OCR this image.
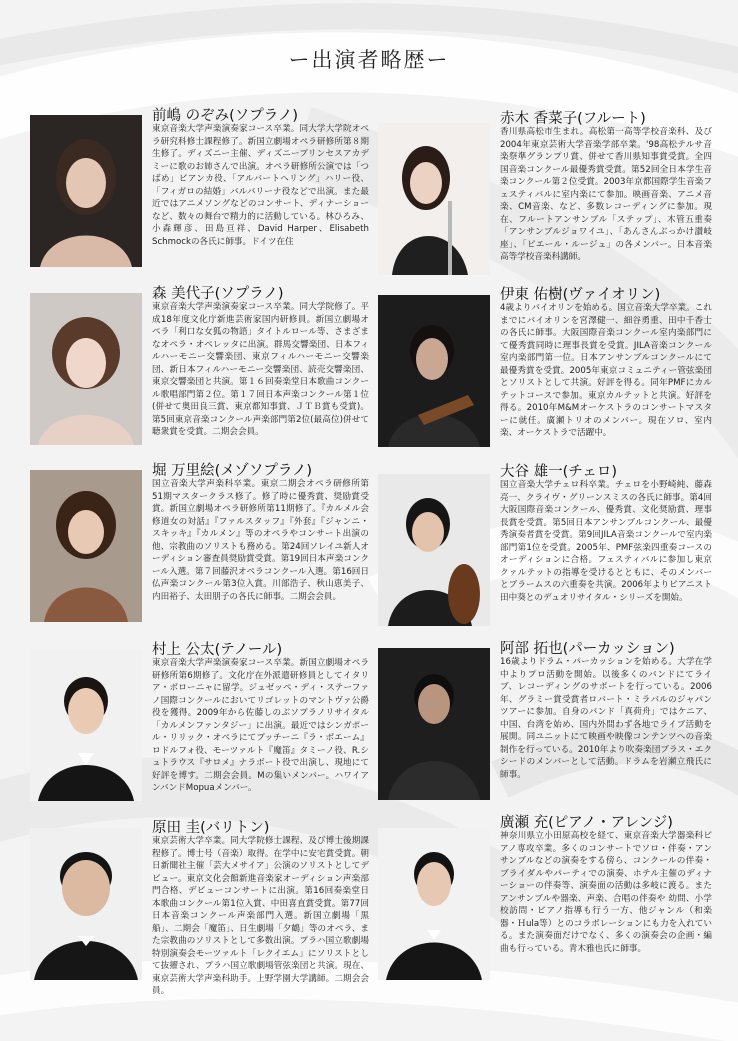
ー出演者略歴ー
前嶋 のぞみ(ソプラノ)
東京音楽大学声楽演奏家コース卒業。同大学大学院オペラ研究科修士課程修了。新国立劇場オペラ研修所第８期生修了。ディズニー主催、ディズニープリンセスアカデミーに歌のお姉さんで出演。オペラ研修所公演では「つばめ」ビアンカ役、「アルバートヘリング」ハリー役、「フィガロの結婚」バルバリーナ役などで出演。また最近ではアニメソングなどのコンサート、ディナーショーなど、数々の舞台で精力的に活動している。林ひろみ、小森輝彦、田島亘祥、David Harper、Elisabeth Schmockの各氏に師事。ドイツ在住
赤木 香菜子(フルート)
香川県高松市生まれ。高松第一高等学校音楽科、及び2004年東京芸術大学音楽学部卒業。'98高松テルサ音楽祭準グランプリ賞、併せて香川県知事賞受賞。全四国音楽コンクール最優秀賞受賞。第52回全日本学生音楽コンクール第２位受賞。2003年京都国際学生音楽フェスティバルに室内楽にて参加。映画音楽、アニメ音楽、CM音楽、など、多数レコーディングに参加。現在、フルートアンサンブル「ステップ」、木管五重奏「アンサンブルジョワイユ」、「あんさんぶっかけ讃岐座」、「ピエール・ルージュ」の各メンバー。日本音楽高等学校音楽科講師。
森 美代子(ソプラノ)
東京音楽大学声楽演奏家コース卒業。同大学院修了。平成18年度文化庁新進芸術家国内研修員。新国立劇場オペラ「利口な女狐の物語」タイトルロール等、さまざまなオペラ・オペレッタに出演。群馬交響楽団、日本フィルハーモニー交響楽団、東京フィルハーモニー交響楽団、新日本フィルハーモニー交響楽団、読売交響楽団、東京交響楽団と共演。第１６回奏楽堂日本歌曲コンクール歌唱部門第２位。第１７回日本声楽コンクール第１位(併せて奥田良三賞、東京都知事賞、ＪＴＢ賞も受賞)。第5回東京音楽コンクール声楽部門第2位(最高位)併せて聴衆賞を受賞。二期会会員。
伊東 佑樹(ヴァイオリン)
4歳よりバイオリンを始める。国立音楽大学卒業。これまでにバイオリンを宮澤健一、細谷勇重、田中千香士の各氏に師事。大阪国際音楽コンクール室内楽部門にて優秀賞同時に理事長賞を受賞。JILA音楽コンクール室内楽部門第一位。日本アンサンブルコンクールにて最優秀賞を受賞。2005年東京コミュニティー管弦楽団とソリストとして共演。好評を得る。同年PMFにカルテットコースで参加。東京カルテットと共演。好評を得る。2010年M&Mオーケストラのコンサートマスターに就任。廣瀬トリオのメンバー。現在ソロ、室内楽、オーケストラで活躍中。
堀 万里絵(メゾソプラノ)
国立音楽大学声楽科卒業。東京二期会オペラ研修所第51期マスタークラス修了。修了時に優秀賞、奨励賞受賞。新国立劇場オペラ研修所第11期修了。『カルメル会修道女の対話』『ファルスタッフ』『外套』『ジャンニ・スキッキ』『カルメン』等のオペラやコンサート出演の他、宗教曲のソリストも務める。第24回ソレイユ新人オーディション審査員奨励賞受賞。第19回日本声楽コンクール入選。第７回藤沢オペラコンクール入選。第16回日仏声楽コンクール第3位入賞。川部浩子、秋山恵美子、内田裕子、太田朋子の各氏に師事。二期会会員。
大谷 雄一(チェロ)
国立音楽大学チェロ科卒業。チェロを小野崎純、藤森亮一、クライヴ・グリーンスミスの各氏に師事。第4回大阪国際音楽コンクール、優秀賞、文化奨励賞、理事長賞を受賞。第5回日本アンサンブルコンクール、最優秀演奏者賞を受賞。第9回JILA音楽コンクールで室内楽部門第1位を受賞。2005年、PMF弦楽四重奏コースのオーディションに合格。フェスティバルに参加し東京クァルテットの指導を受けるとともに、そのメンバーとブラームスの六重奏を共演。2006年よりピアニスト田中葵とのデュオリサイタル・シリーズを開始。
村上 公太(テノール)
東京音楽大学声楽演奏家コース卒業。新国立劇場オペラ研修所第6期修了。文化庁在外派遣研修員としてイタリア・ボローニャに留学。ジュゼッペ・ディ・ステーファノ国際コンクールにおいてリゴレットのマントヴァ公爵役を獲得。2009年から佐藤しのぶソプラノリサイタル「カルメンファンタジー」に出演。最近ではシンガポール・リリック・オペラにてプッチーニ『ラ・ボエーム』ロドルフォ役、モーツァルト『魔笛』タミーノ役、R.シュトラウス『サロメ』ナラボート役で出演し、現地にて好評を博す。二期会会員。Mの集いメンバー。ハワイアンバンドMopuaメンバー。
阿部 拓也(パーカッション)
16歳よりドラム・パーカッションを始める。大学在学中よりプロ活動を開始。以後多くのバンドにてライブ、レコーディングのサポートを行っている。2006年、グラミー賞受賞者ロバート・ミラバルのジャパンツアーに参加。自身のバンド「真荷舟」ではケニア、中国、台湾を始め、国内外問わず各地でライブ活動を展開。同ユニットにて映画や映像コンテンツへの音楽制作を行っている。2010年より吹奏楽団ブラス・エクシードのメンバーとして活動。ドラムを岩瀬立飛氏に師事。
原田 圭(バリトン)
東京芸術大学卒業。同大学院修士課程、及び博士後期課程修了。博士号（音楽）取得。在学中に安宅賞受賞。朝日新聞社主催「芸大メサイア」公演のソリストとしてデビュー。東京文化会館新進音楽家オーディション声楽部門合格、デビューコンサートに出演。第16回奏楽堂日本歌曲コンクール第1位入賞、中田喜直賞受賞。第77回日本音楽コンクール声楽部門入選。新国立劇場「黒船」、二期会「魔笛」、日生劇場「夕鶴」等のオペラ、また宗教曲のソリストとして多数出演。プラハ国立歌劇場特別演奏会モーツァルト「レクイエム」にソリストとして抜擢され、プラハ国立歌劇場管弦楽団と共演。現在、東京芸術大学声楽科助手。上野学園大学講師。二期会会員。
廣瀬 充(ピアノ・アレンジ)
神奈川県立小田原高校を経て、東京音楽大学器楽科ピアノ専攻卒業。多くのコンサートでソロ・伴奏・アンサンブルなどの演奏をする傍ら、コンクールの伴奏・ブライダルやパーティでの演奏、ホテル主催のディナーショーの伴奏等、演奏面の活動は多岐に渡る。またアンサンブルや器楽、声楽、合唱の伴奏や 幼問、小学校訪問・ピアノ指導も行う一方、他ジャンル（和楽器・Ｈula等）とのコラボレーションにも力を入れている。また演奏面だけでなく、多くの演奏会の企画・編曲も行っている。青木雅也氏に師事。
